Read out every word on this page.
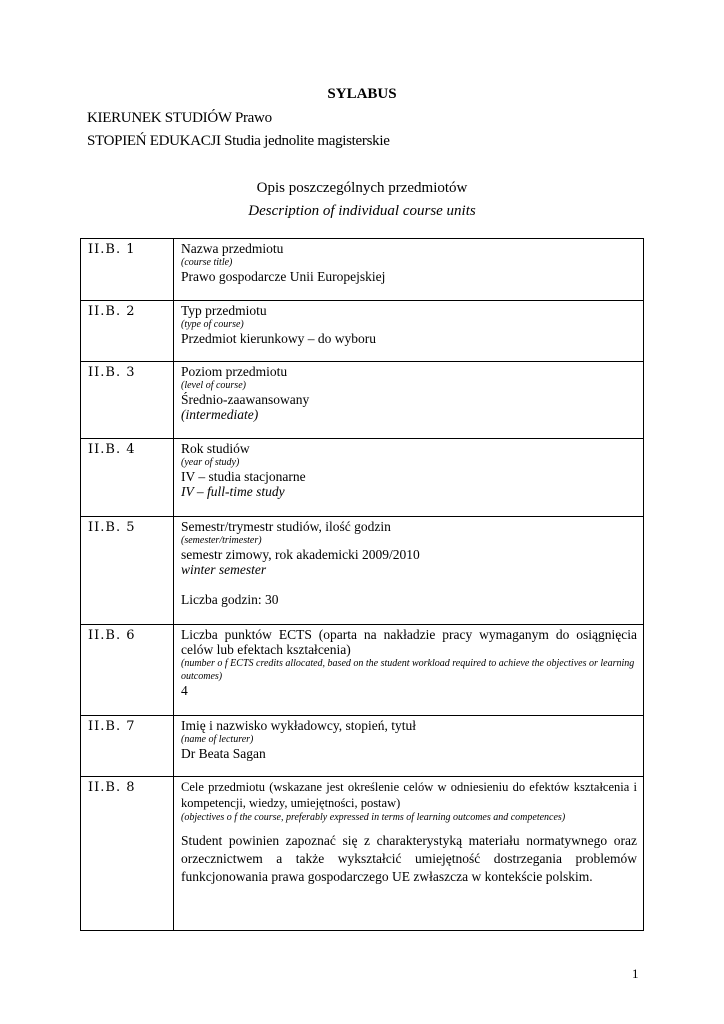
SYLABUS
KIERUNEK STUDIÓW Prawo
STOPIEŃ EDUKACJI Studia jednolite magisterskie
Opis poszczególnych przedmiotów
Description of individual course units
II.B. 1	Nazwa przedmiotu
(course title)
Prawo gospodarcze Unii Europejskiej

II.B. 2	Typ przedmiotu
(type of course)
Przedmiot kierunkowy – do wyboru

II.B. 3	Poziom przedmiotu
(level of course)
Średnio-zaawansowany
(intermediate)

II.B. 4	Rok studiów
(year of study)
IV – studia stacjonarne
IV – full-time study

II.B. 5	Semestr/trymestr studiów, ilość godzin
(semester/trimester)
semestr zimowy, rok akademicki 2009/2010
winter semester
Liczba godzin: 30

II.B. 6	Liczba punktów ECTS (oparta na nakładzie pracy wymaganym do osiągnięcia celów lub efektach kształcenia)
(number o f ECTS credits allocated, based on the student workload required to achieve the objectives or learning outcomes)
4

II.B. 7	Imię i nazwisko wykładowcy, stopień, tytuł
(name of lecturer)
Dr Beata Sagan

II.B. 8	Cele przedmiotu (wskazane jest określenie celów w odniesieniu do efektów kształcenia i kompetencji, wiedzy, umiejętności, postaw)
(objectives o f the course, preferably expressed in terms of learning outcomes and competences)
Student powinien zapoznać się z charakterystyką materiału normatywnego oraz orzecznictwem a także wykształcić umiejętność dostrzegania problemów funkcjonowania prawa gospodarczego UE zwłaszcza w kontekście polskim.
1
